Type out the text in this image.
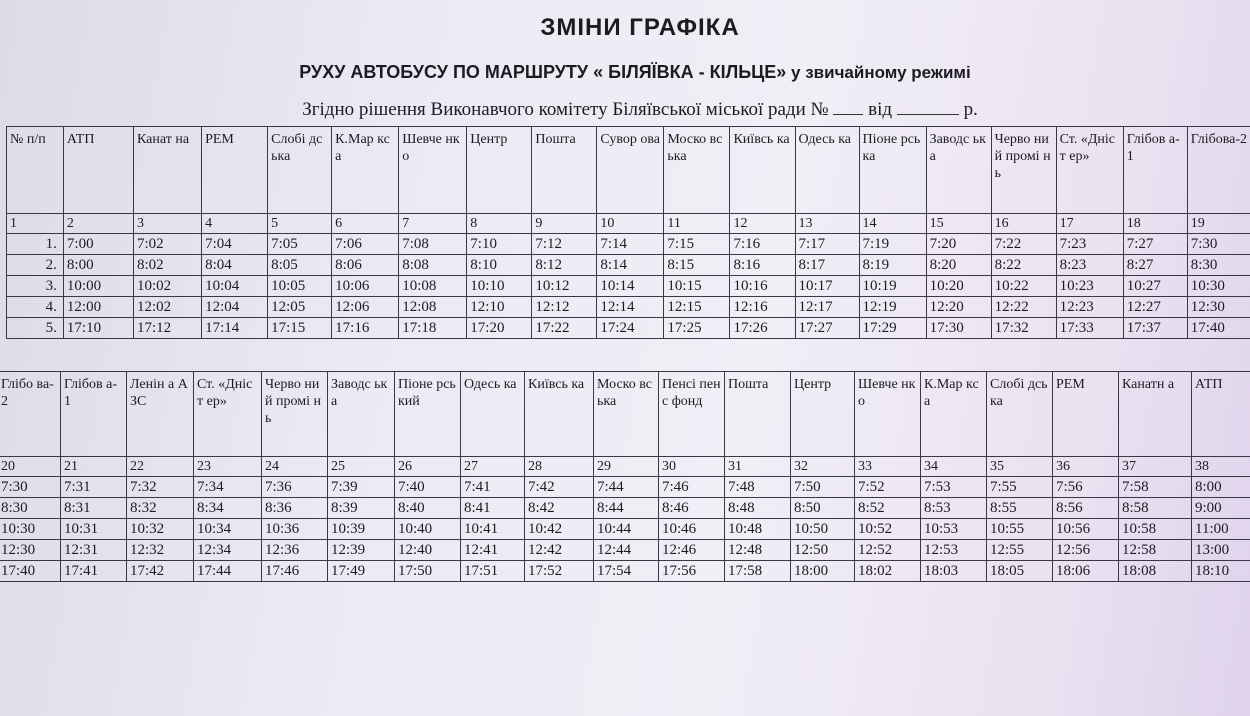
ЗМІНИ ГРАФІКА
РУХУ АВТОБУСУ ПО МАРШРУТУ « БІЛЯЇВКА - КІЛЬЦЕ» у звичайному режимі
Згідно рішення Виконавчого комітету Біляївської міської ради № від	р.
№ п/п	АТП	Канат на	РЕМ	Слобі дська	К.Мар кса	Шевче нко	Центр	Пошта	Сувор ова	Моско вська	Київсь ка	Одесь ка	Піоне рська	Заводс ька	Черво ний промі нь	Ст. «Дніст ер»	Глібов а-1	Глібова-2
1	2	3	4	5	6	7	8	9	10	11	12	13	14	15	16	17	18	19
1.	7:00	7:02	7:04	7:05	7:06	7:08	7:10	7:12	7:14	7:15	7:16	7:17	7:19	7:20	7:22	7:23	7:27	7:30
2.	8:00	8:02	8:04	8:05	8:06	8:08	8:10	8:12	8:14	8:15	8:16	8:17	8:19	8:20	8:22	8:23	8:27	8:30
3.	10:00	10:02	10:04	10:05	10:06	10:08	10:10	10:12	10:14	10:15	10:16	10:17	10:19	10:20	10:22	10:23	10:27	10:30
4.	12:00	12:02	12:04	12:05	12:06	12:08	12:10	12:12	12:14	12:15	12:16	12:17	12:19	12:20	12:22	12:23	12:27	12:30
5.	17:10	17:12	17:14	17:15	17:16	17:18	17:20	17:22	17:24	17:25	17:26	17:27	17:29	17:30	17:32	17:33	17:37	17:40
Глібо ва-2	Глібов а-1	Ленін а АЗС	Ст. «Дніст ер»	Черво ний промі нь	Заводс ька	Піоне рський	Одесь ка	Київсь ка	Моско вська	Пенсі пенс фонд	Пошта	Центр	Шевче нко	К.Мар кса	Слобі дська	РЕМ	Канатн а	АТП
20	21	22	23	24	25	26	27	28	29	30	31	32	33	34	35	36	37	38
7:30	7:31	7:32	7:34	7:36	7:39	7:40	7:41	7:42	7:44	7:46	7:48	7:50	7:52	7:53	7:55	7:56	7:58	8:00
8:30	8:31	8:32	8:34	8:36	8:39	8:40	8:41	8:42	8:44	8:46	8:48	8:50	8:52	8:53	8:55	8:56	8:58	9:00
10:30	10:31	10:32	10:34	10:36	10:39	10:40	10:41	10:42	10:44	10:46	10:48	10:50	10:52	10:53	10:55	10:56	10:58	11:00
12:30	12:31	12:32	12:34	12:36	12:39	12:40	12:41	12:42	12:44	12:46	12:48	12:50	12:52	12:53	12:55	12:56	12:58	13:00
17:40	17:41	17:42	17:44	17:46	17:49	17:50	17:51	17:52	17:54	17:56	17:58	18:00	18:02	18:03	18:05	18:06	18:08	18:10
